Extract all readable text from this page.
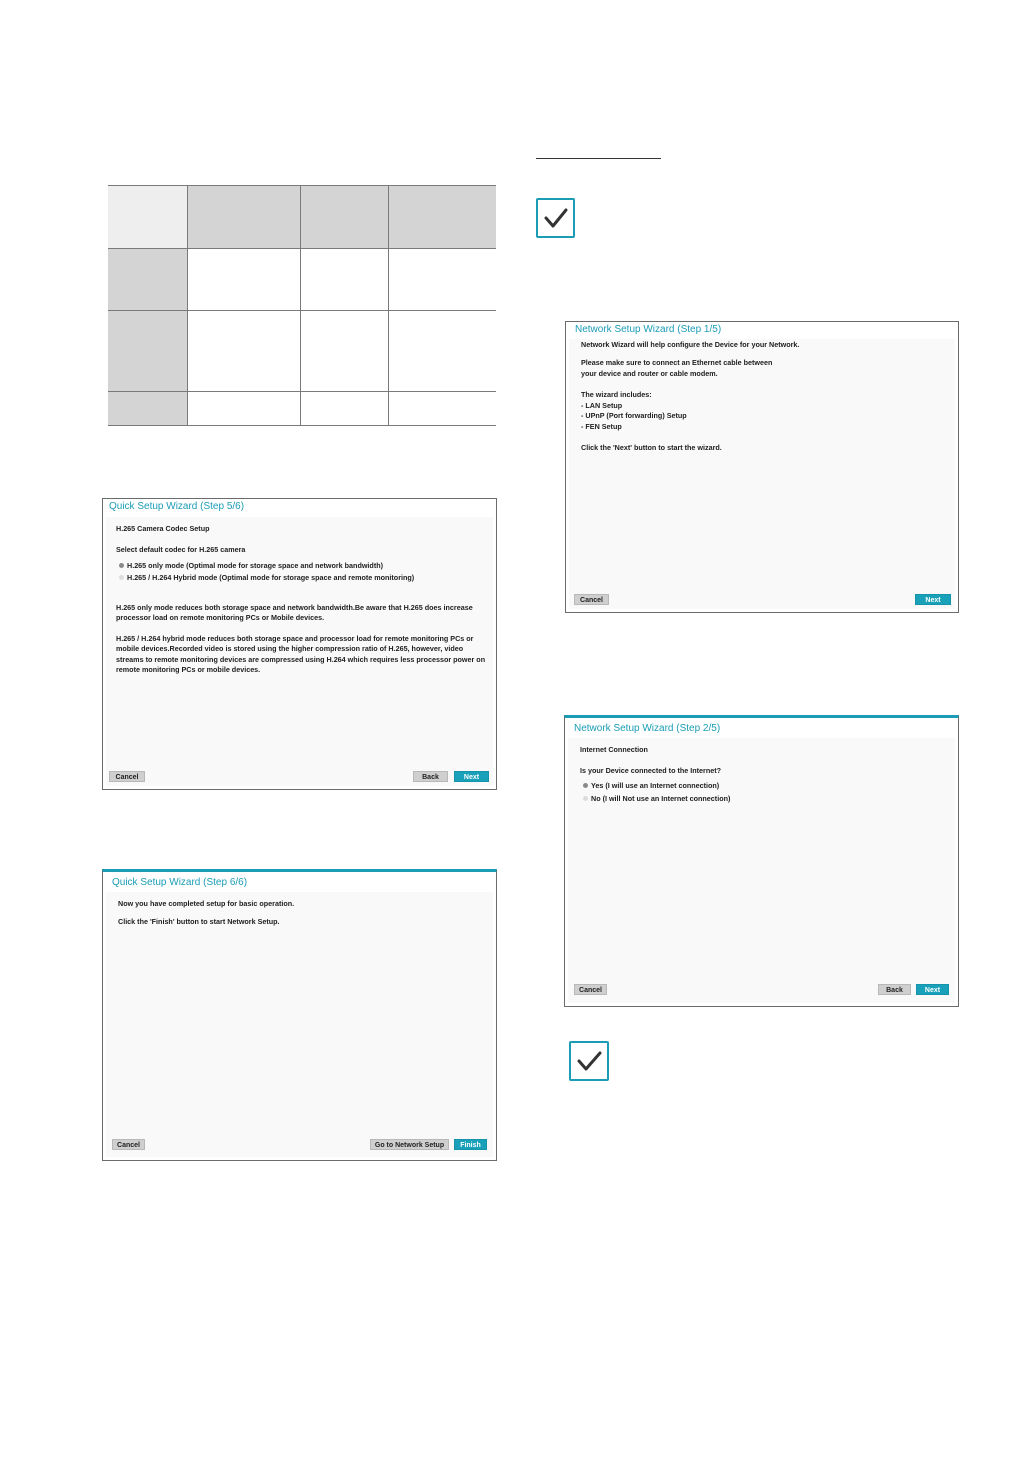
Quick Setup Wizard (Step 5/6)
H.265 Camera Codec Setup
Select default codec for H.265 camera
H.265 only mode (Optimal mode for storage space and network bandwidth)
H.265 / H.264 Hybrid mode (Optimal mode for storage space and remote monitoring)
H.265 only mode reduces both storage space and network bandwidth.Be aware that H.265 does increase processor load on remote monitoring PCs or Mobile devices.
H.265 / H.264 hybrid mode reduces both storage space and processor load for remote monitoring PCs or mobile devices.Recorded video is stored using the higher compression ratio of H.265, however, video streams to remote monitoring devices are compressed using H.264 which requires less processor power on remote monitoring PCs or mobile devices.
Cancel	Back	Next
Quick Setup Wizard (Step 6/6)
Now you have completed setup for basic operation.
Click the 'Finish' button to start Network Setup.
Cancel	Go to Network Setup	Finish
Network Setup Wizard (Step 1/5)
Network Wizard will help configure the Device for your Network.
Please make sure to connect an Ethernet cable between
your device and router or cable modem.
The wizard includes:
- LAN Setup
- UPnP (Port forwarding) Setup
- FEN Setup
Click the 'Next' button to start the wizard.
Cancel	Next
Network Setup Wizard (Step 2/5)
Internet Connection
Is your Device connected to the Internet?
Yes (I will use an Internet connection)
No (I will Not use an Internet connection)
Cancel	Back	Next
